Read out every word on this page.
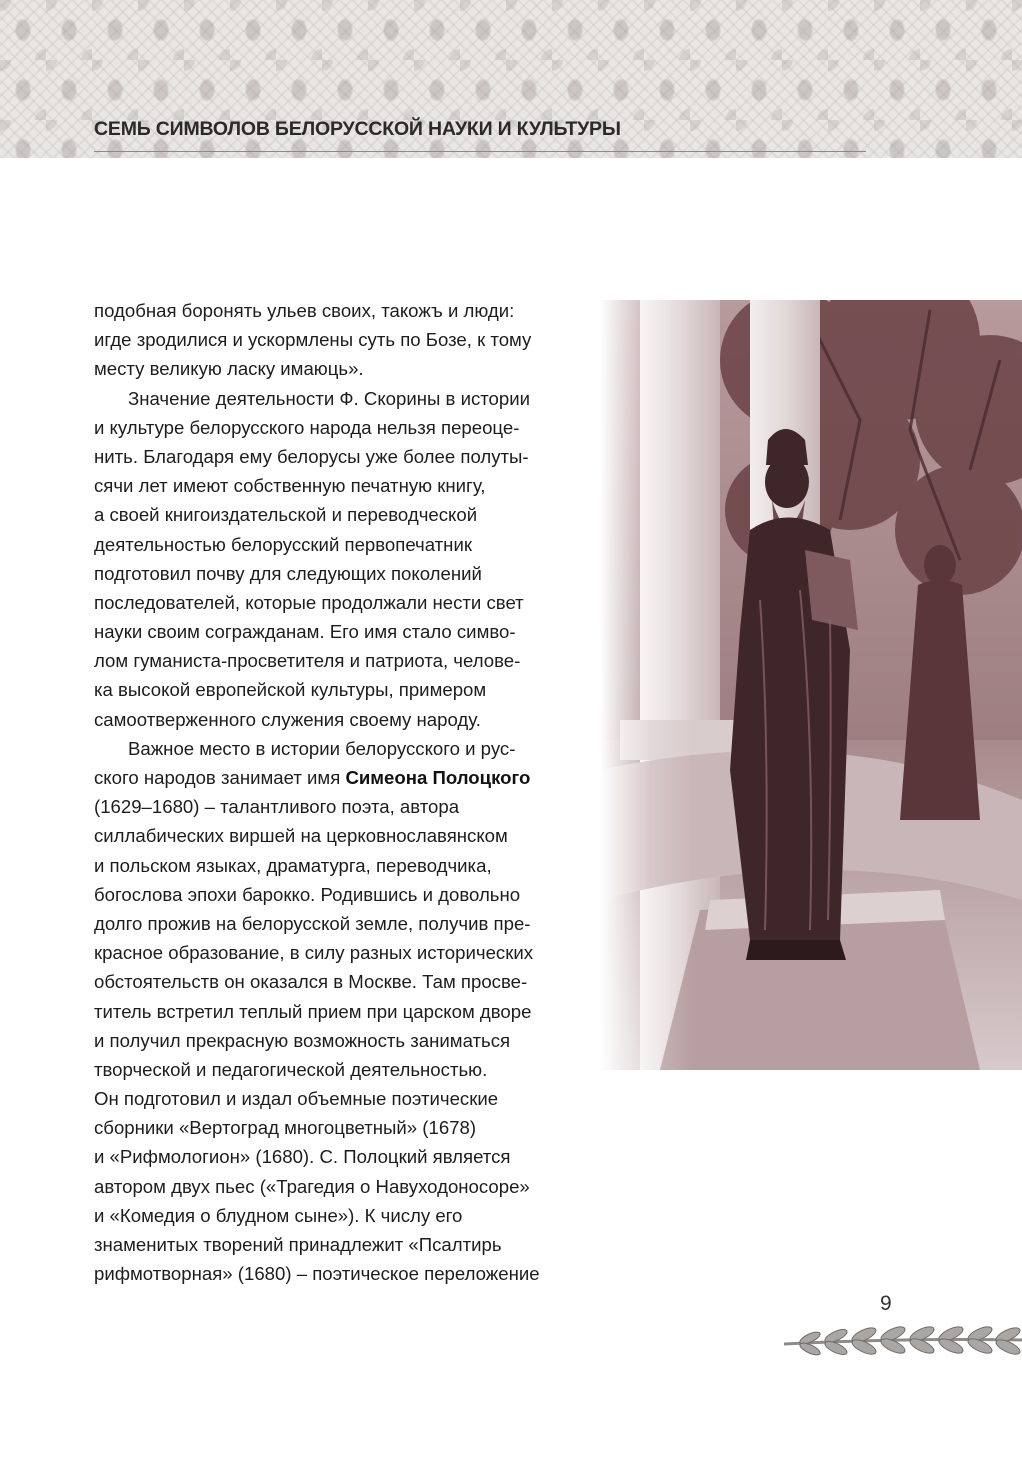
СЕМЬ СИМВОЛОВ БЕЛОРУССКОЙ НАУКИ И КУЛЬТУРЫ
подобная боронять ульев своих, такожъ и люди:
игде зродилися и ускормлены суть по Бозе, к тому
месту великую ласку имаюць».
Значение деятельности Ф. Скорины в истории
и культуре белорусского народа нельзя переоце-
нить. Благодаря ему белорусы уже более полуты-
сячи лет имеют собственную печатную книгу,
а своей книгоиздательской и переводческой
деятельностью белорусский первопечатник
подготовил почву для следующих поколений
последователей, которые продолжали нести свет
науки своим согражданам. Его имя стало симво-
лом гуманиста-просветителя и патриота, челове-
ка высокой европейской культуры, примером
самоотверженного служения своему народу.
Важное место в истории белорусского и рус-
ского народов занимает имя Симеона Полоцкого
(1629–1680) – талантливого поэта, автора
силлабических виршей на церковнославянском
и польском языках, драматурга, переводчика,
богослова эпохи барокко. Родившись и довольно
долго прожив на белорусской земле, получив пре-
красное образование, в силу разных исторических
обстоятельств он оказался в Москве. Там просве-
титель встретил теплый прием при царском дворе
и получил прекрасную возможность заниматься
творческой и педагогической деятельностью.
Он подготовил и издал объемные поэтические
сборники «Вертоград многоцветный» (1678)
и «Рифмологион» (1680). С. Полоцкий является
автором двух пьес («Трагедия о Навуходоносоре»
и «Комедия о блудном сыне»). К числу его
знаменитых творений принадлежит «Псалтирь
рифмотворная» (1680) – поэтическое переложение
9
